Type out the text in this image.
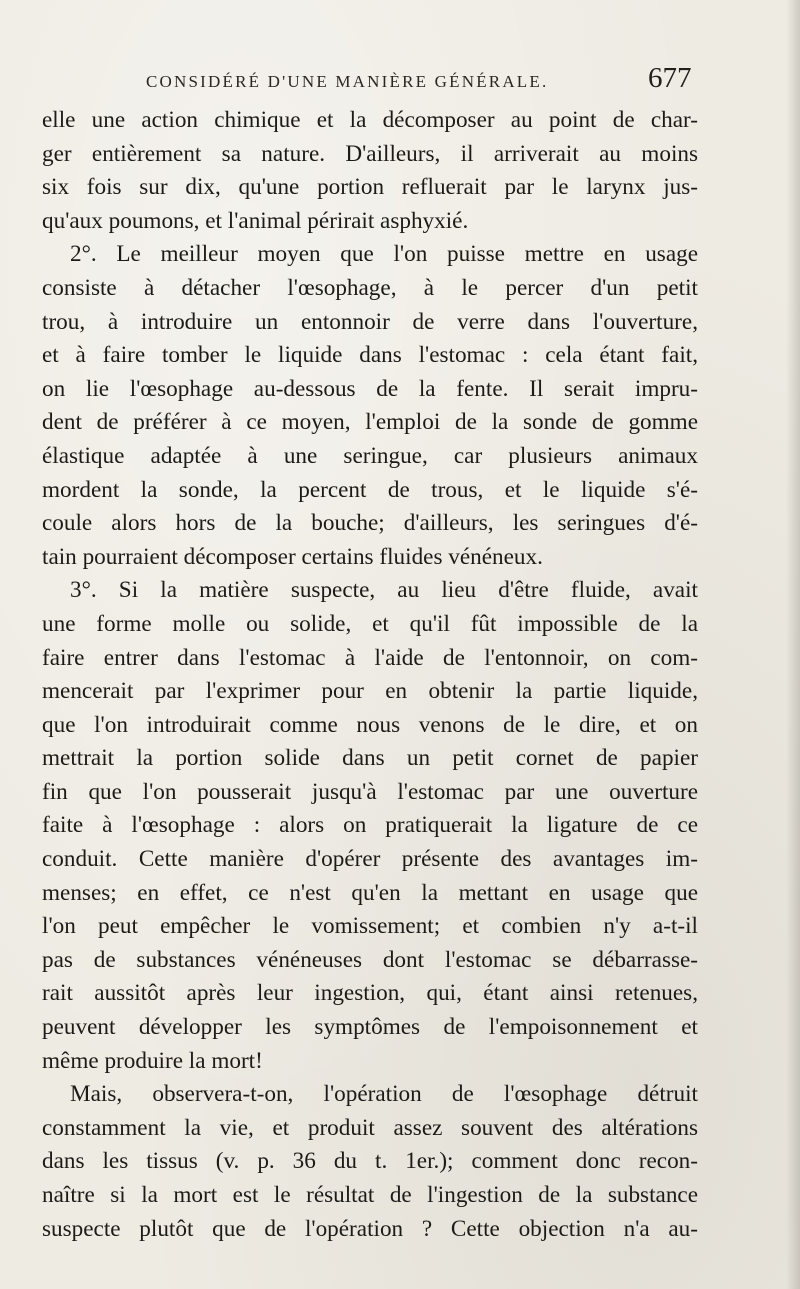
CONSIDÉRÉ D'UNE MANIÈRE GÉNÉRALE.	677
elle une action chimique et la décomposer au point de char-
ger entièrement sa nature. D'ailleurs, il arriverait au moins
six fois sur dix, qu'une portion refluerait par le larynx jus-
qu'aux poumons, et l'animal périrait asphyxié.
2°. Le meilleur moyen que l'on puisse mettre en usage
consiste à détacher l'œsophage, à le percer d'un petit
trou, à introduire un entonnoir de verre dans l'ouverture,
et à faire tomber le liquide dans l'estomac : cela étant fait,
on lie l'œsophage au-dessous de la fente. Il serait impru-
dent de préférer à ce moyen, l'emploi de la sonde de gomme
élastique adaptée à une seringue, car plusieurs animaux
mordent la sonde, la percent de trous, et le liquide s'é-
coule alors hors de la bouche; d'ailleurs, les seringues d'é-
tain pourraient décomposer certains fluides vénéneux.
3°. Si la matière suspecte, au lieu d'être fluide, avait
une forme molle ou solide, et qu'il fût impossible de la
faire entrer dans l'estomac à l'aide de l'entonnoir, on com-
mencerait par l'exprimer pour en obtenir la partie liquide,
que l'on introduirait comme nous venons de le dire, et on
mettrait la portion solide dans un petit cornet de papier
fin que l'on pousserait jusqu'à l'estomac par une ouverture
faite à l'œsophage : alors on pratiquerait la ligature de ce
conduit. Cette manière d'opérer présente des avantages im-
menses; en effet, ce n'est qu'en la mettant en usage que
l'on peut empêcher le vomissement; et combien n'y a-t-il
pas de substances vénéneuses dont l'estomac se débarrasse-
rait aussitôt après leur ingestion, qui, étant ainsi retenues,
peuvent développer les symptômes de l'empoisonnement et
même produire la mort!
Mais, observera-t-on, l'opération de l'œsophage détruit
constamment la vie, et produit assez souvent des altérations
dans les tissus (v. p. 36 du t. 1er.); comment donc recon-
naître si la mort est le résultat de l'ingestion de la substance
suspecte plutôt que de l'opération ? Cette objection n'a au-
